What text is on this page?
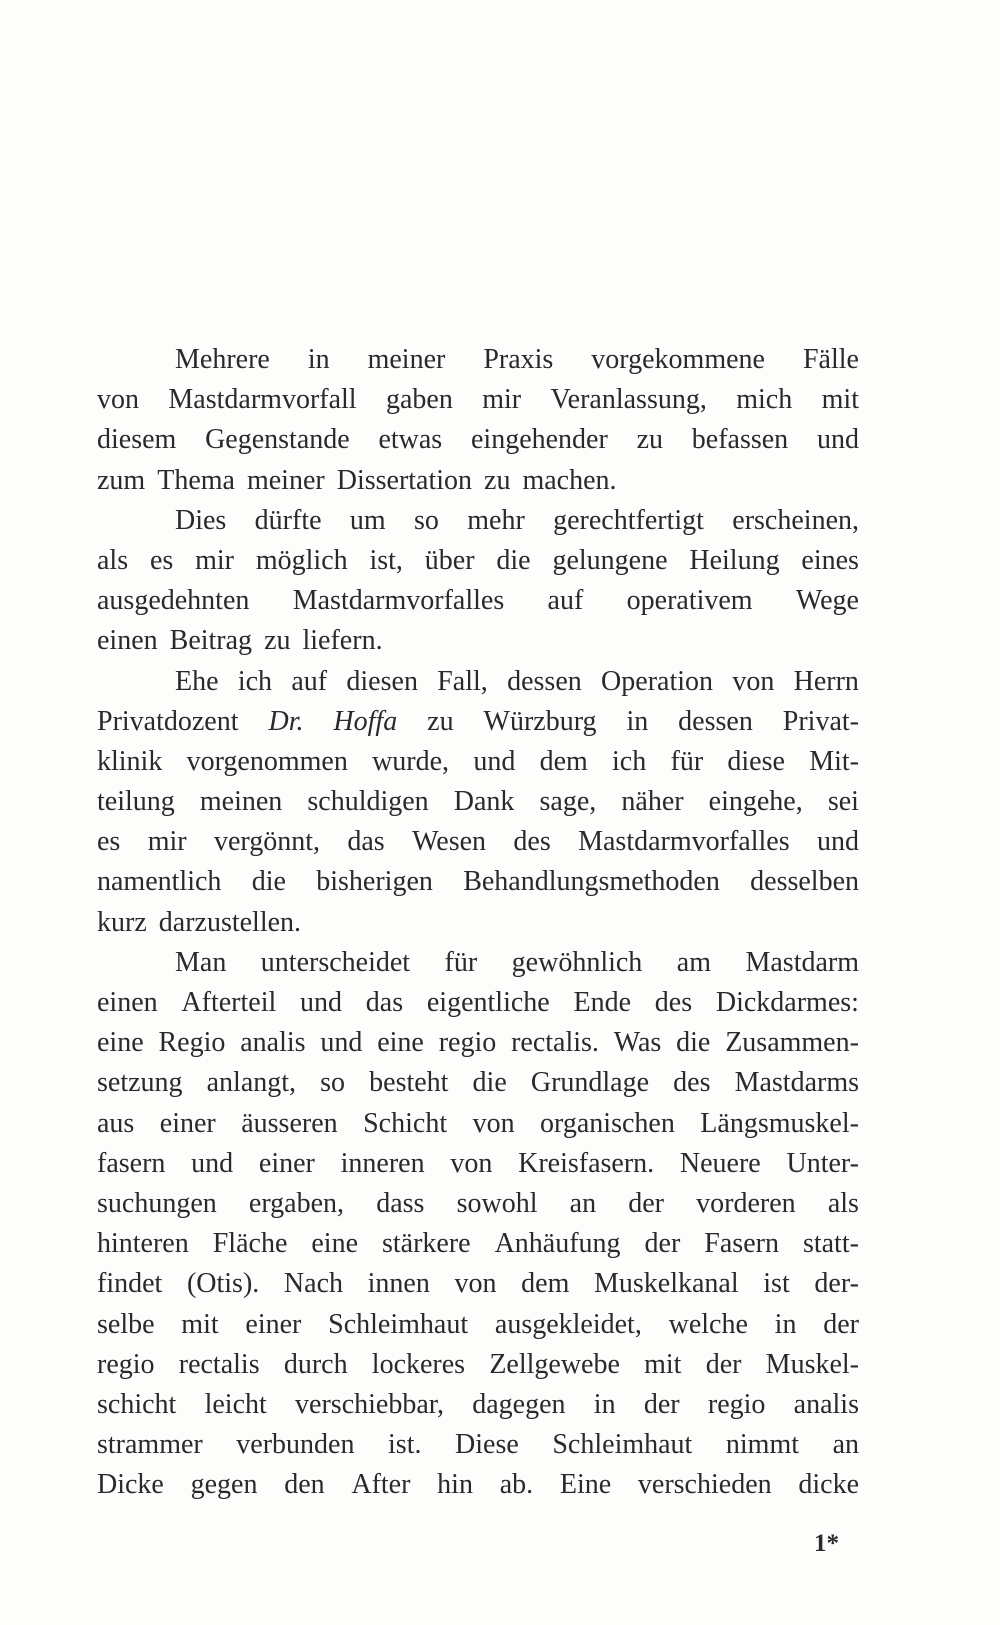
Mehrere in meiner Praxis vorgekommene Fälle
von Mastdarmvorfall gaben mir Veranlassung, mich mit
diesem Gegenstande etwas eingehender zu befassen und
zum Thema meiner Dissertation zu machen.
Dies dürfte um so mehr gerechtfertigt erscheinen,
als es mir möglich ist, über die gelungene Heilung eines
ausgedehnten Mastdarmvorfalles auf operativem Wege
einen Beitrag zu liefern.
Ehe ich auf diesen Fall, dessen Operation von Herrn
Privatdozent Dr. Hoffa zu Würzburg in dessen Privat-
klinik vorgenommen wurde, und dem ich für diese Mit-
teilung meinen schuldigen Dank sage, näher eingehe, sei
es mir vergönnt, das Wesen des Mastdarmvorfalles und
namentlich die bisherigen Behandlungsmethoden desselben
kurz darzustellen.
Man unterscheidet für gewöhnlich am Mastdarm
einen Afterteil und das eigentliche Ende des Dickdarmes:
eine Regio analis und eine regio rectalis. Was die Zusammen-
setzung anlangt, so besteht die Grundlage des Mastdarms
aus einer äusseren Schicht von organischen Längsmuskel-
fasern und einer inneren von Kreisfasern. Neuere Unter-
suchungen ergaben, dass sowohl an der vorderen als
hinteren Fläche eine stärkere Anhäufung der Fasern statt-
findet (Otis). Nach innen von dem Muskelkanal ist der-
selbe mit einer Schleimhaut ausgekleidet, welche in der
regio rectalis durch lockeres Zellgewebe mit der Muskel-
schicht leicht verschiebbar, dagegen in der regio analis
strammer verbunden ist. Diese Schleimhaut nimmt an
Dicke gegen den After hin ab. Eine verschieden dicke
1*
